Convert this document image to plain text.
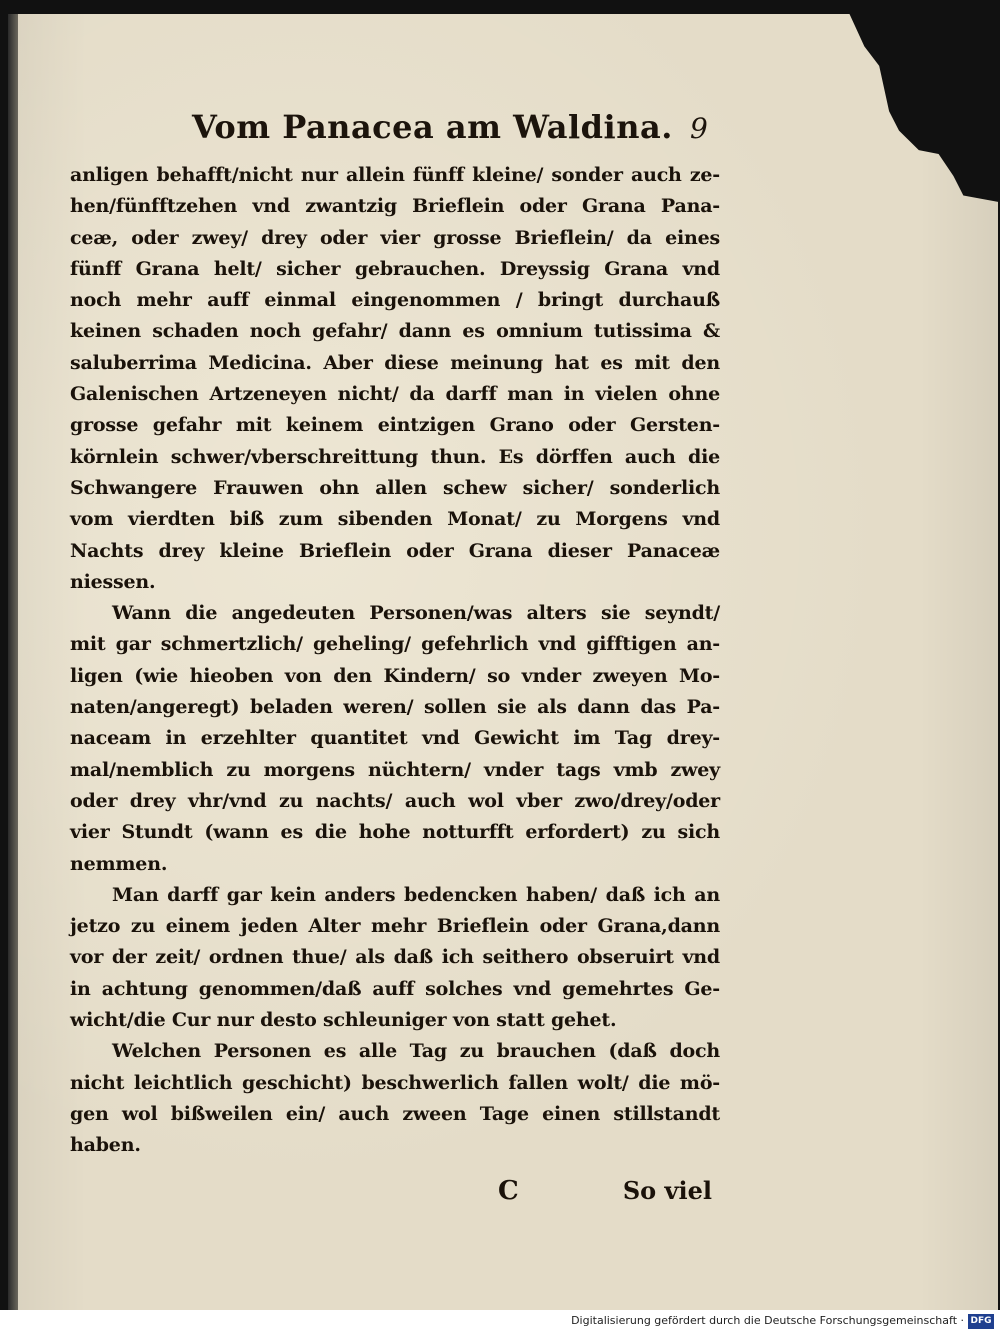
Vom Panacea am Waldina. 9
anligen behafft/nicht nur allein fünff kleine/ sonder auch ze-
hen/fünfftzehen vnd zwantzig Brieflein oder Grana Pana-
ceæ, oder zwey/ drey oder vier grosse Brieflein/ da eines
fünff Grana helt/ sicher gebrauchen. Dreyssig Grana vnd
noch mehr auff einmal eingenommen / bringt durchauß
keinen schaden noch gefahr/ dann es omnium tutissima &
saluberrima Medicina. Aber diese meinung hat es mit den
Galenischen Artzeneyen nicht/ da darff man in vielen ohne
grosse gefahr mit keinem eintzigen Grano oder Gersten-
körnlein schwer/vberschreittung thun. Es dörffen auch die
Schwangere Frauwen ohn allen schew sicher/ sonderlich
vom vierdten biß zum sibenden Monat/ zu Morgens vnd
Nachts drey kleine Brieflein oder Grana dieser Panaceæ
niessen.
Wann die angedeuten Personen/was alters sie seyndt/
mit gar schmertzlich/ geheling/ gefehrlich vnd gifftigen an-
ligen (wie hieoben von den Kindern/ so vnder zweyen Mo-
naten/angeregt) beladen weren/ sollen sie als dann das Pa-
naceam in erzehlter quantitet vnd Gewicht im Tag drey-
mal/nemblich zu morgens nüchtern/ vnder tags vmb zwey
oder drey vhr/vnd zu nachts/ auch wol vber zwo/drey/oder
vier Stundt (wann es die hohe notturfft erfordert) zu sich
nemmen.
Man darff gar kein anders bedencken haben/ daß ich an
jetzo zu einem jeden Alter mehr Brieflein oder Grana,dann
vor der zeit/ ordnen thue/ als daß ich seithero obseruirt vnd
in achtung genommen/daß auff solches vnd gemehrtes Ge-
wicht/die Cur nur desto schleuniger von statt gehet.
Welchen Personen es alle Tag zu brauchen (daß doch
nicht leichtlich geschicht) beschwerlich fallen wolt/ die mö-
gen wol bißweilen ein/ auch zween Tage einen stillstandt
haben.
C	So viel
Digitalisierung gefördert durch die Deutsche Forschungsgemeinschaft · DFG
